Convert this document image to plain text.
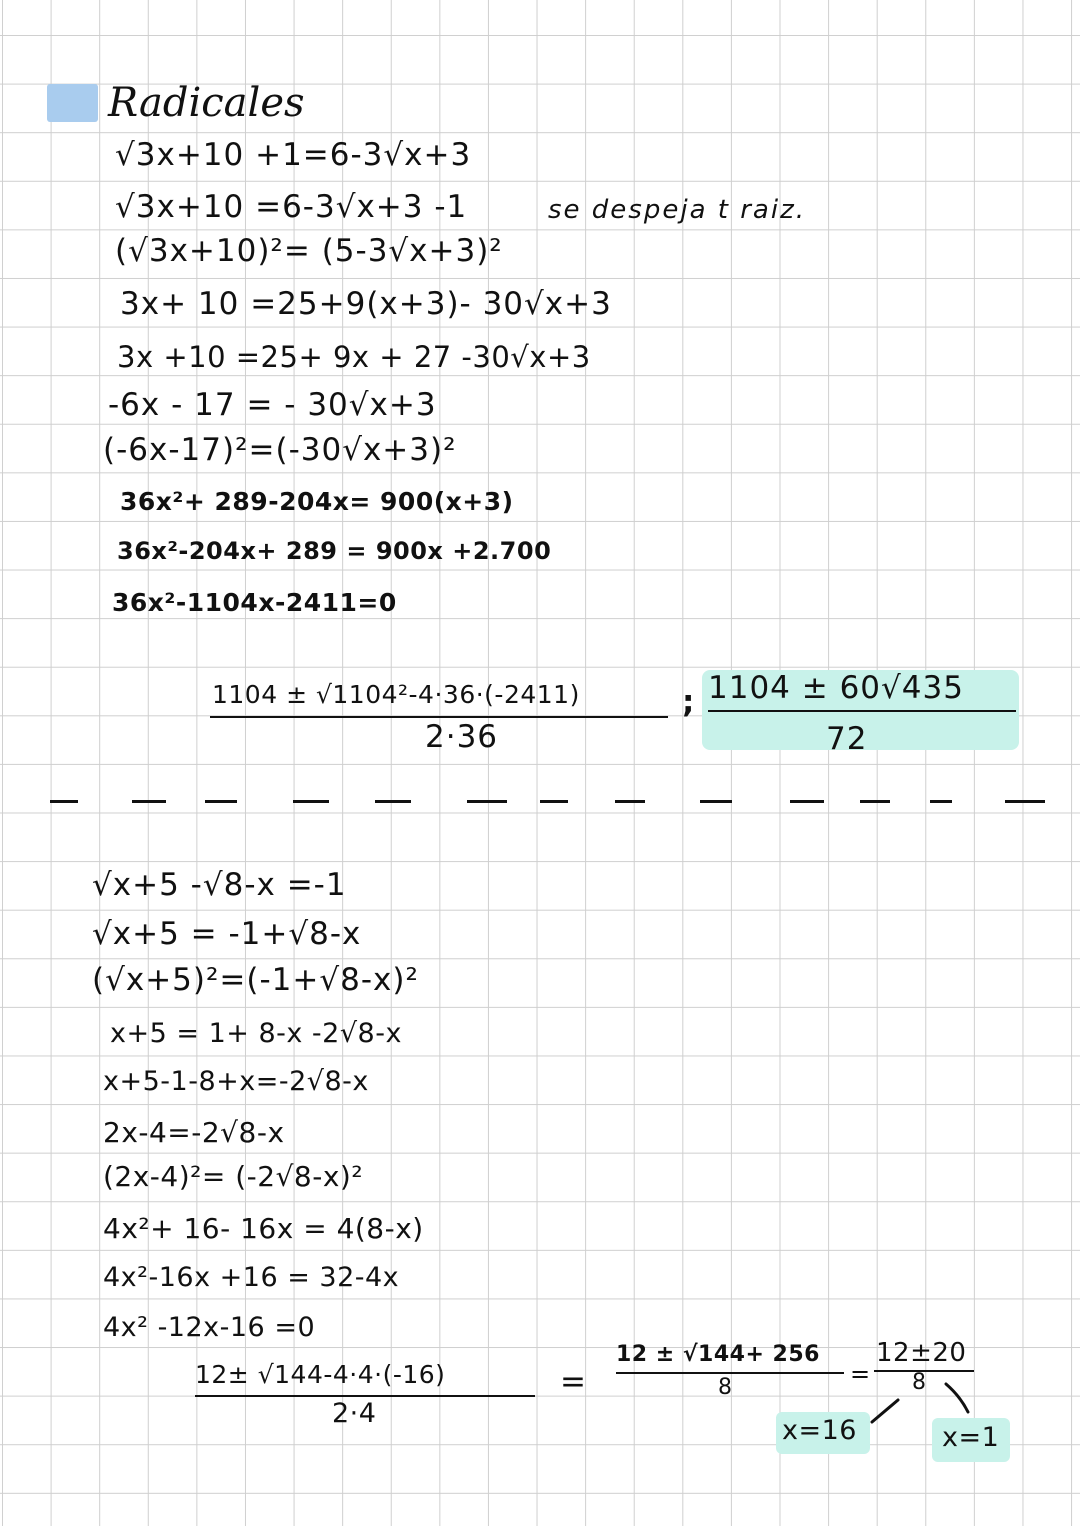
Radicales
√3x+10 +1=6-3√x+3
√3x+10 =6-3√x+3 -1	se despeja t raiz.
(√3x+10)²= (5-3√x+3)²
3x+ 10 =25+9(x+3)- 30√x+3
3x +10 =25+ 9x + 27 -30√x+3
-6x - 17 = - 30√x+3
(-6x-17)²=(-30√x+3)²
36x²+ 289-204x= 900(x+3)
36x²-204x+ 289 = 900x +2.700
36x²-1104x-2411=0
1104 ± √1104²-4·36·(-2411)
2·36
; 1104 ± 60√435
72
√x+5 -√8-x =-1
√x+5 = -1+√8-x
(√x+5)²=(-1+√8-x)²
x+5 = 1+ 8-x -2√8-x
x+5-1-8+x=-2√8-x
2x-4=-2√8-x
(2x-4)²= (-2√8-x)²
4x²+ 16- 16x = 4(8-x)
4x²-16x +16 = 32-4x
4x² -12x-16 =0
12± √144-4·4·(-16)
2·4
=
12 ± √144+ 256
8	=
12±20
8
x=16	x=1
